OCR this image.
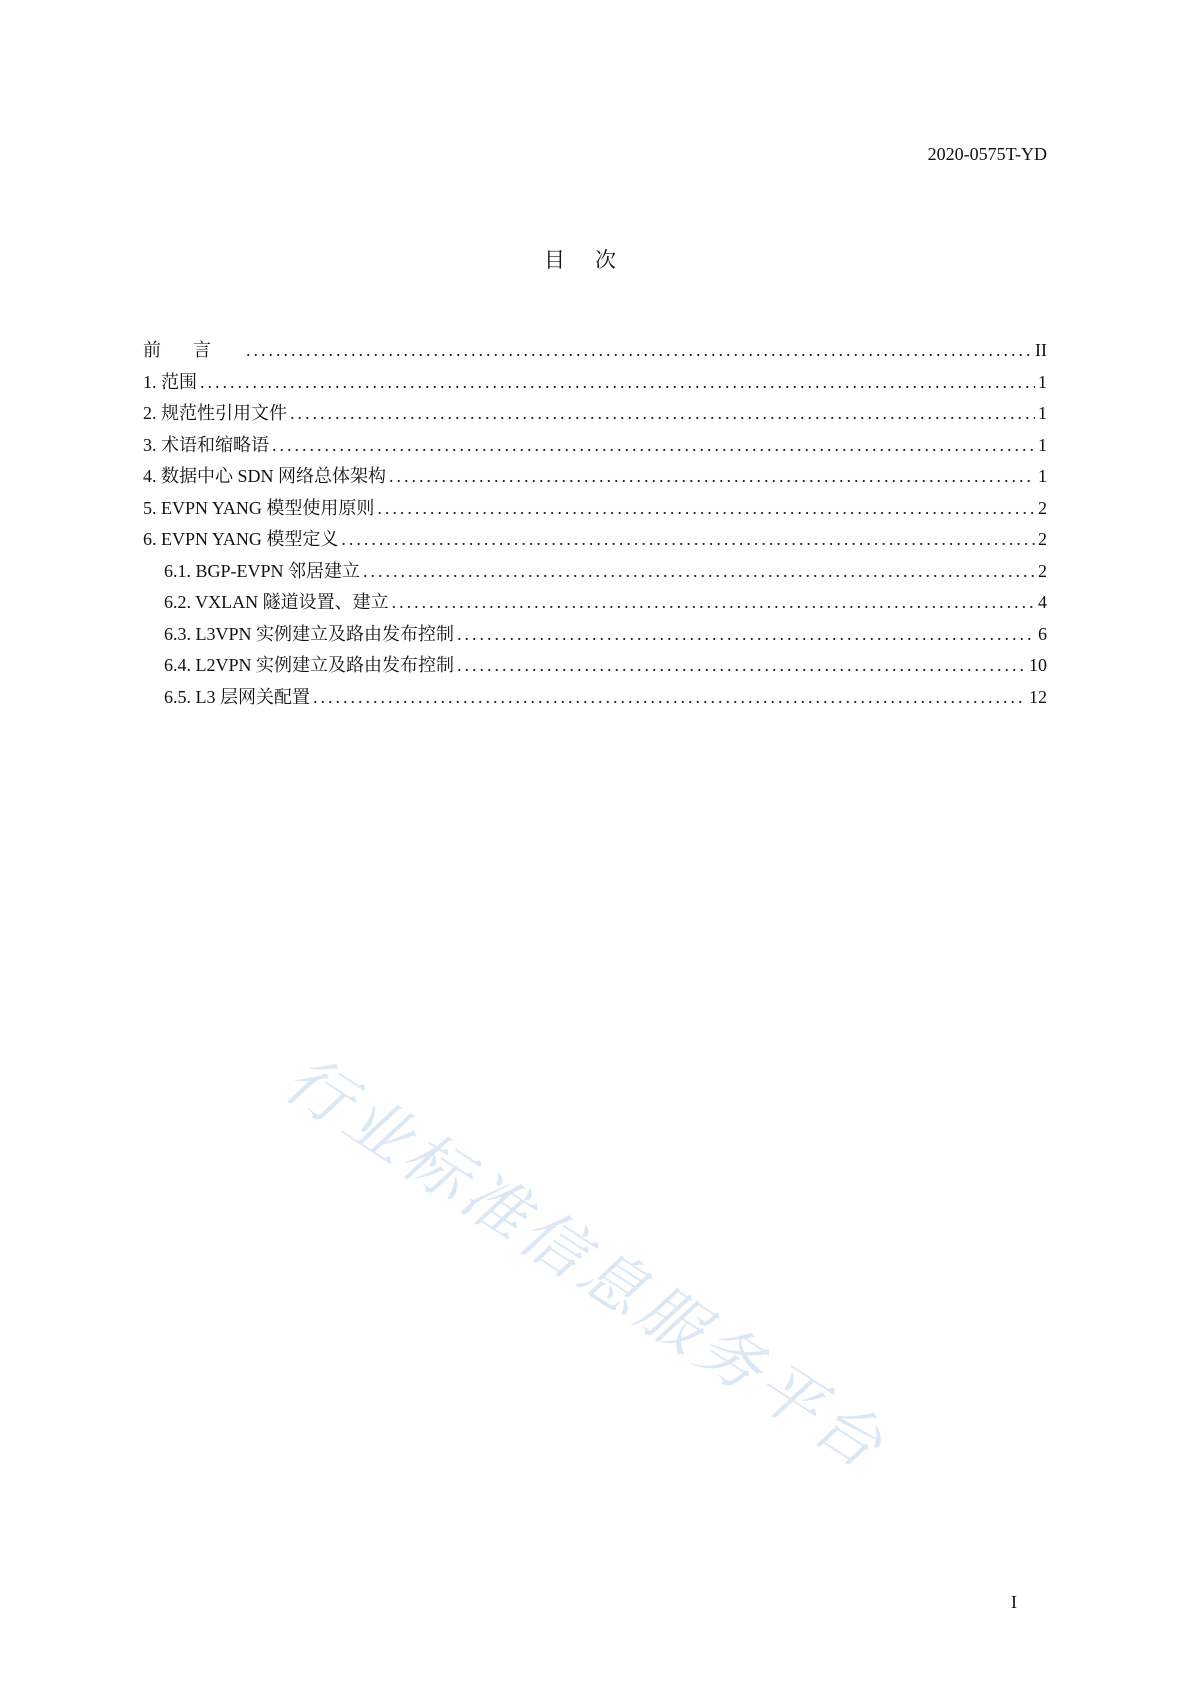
2020-0575T-YD
目次
前言 .....	II
1. 范围 .....	1
2. 规范性引用文件 .....	1
3. 术语和缩略语 .....	1
4. 数据中心 SDN 网络总体架构 .....	1
5. EVPN YANG 模型使用原则 .....	2
6. EVPN YANG 模型定义 .....	2
6.1. BGP-EVPN 邻居建立 .....	2
6.2. VXLAN 隧道设置、建立 .....	4
6.3. L3VPN 实例建立及路由发布控制 .....	6
6.4. L2VPN 实例建立及路由发布控制 .....	10
6.5. L3 层网关配置 .....	12
行业标准信息服务平台
I
